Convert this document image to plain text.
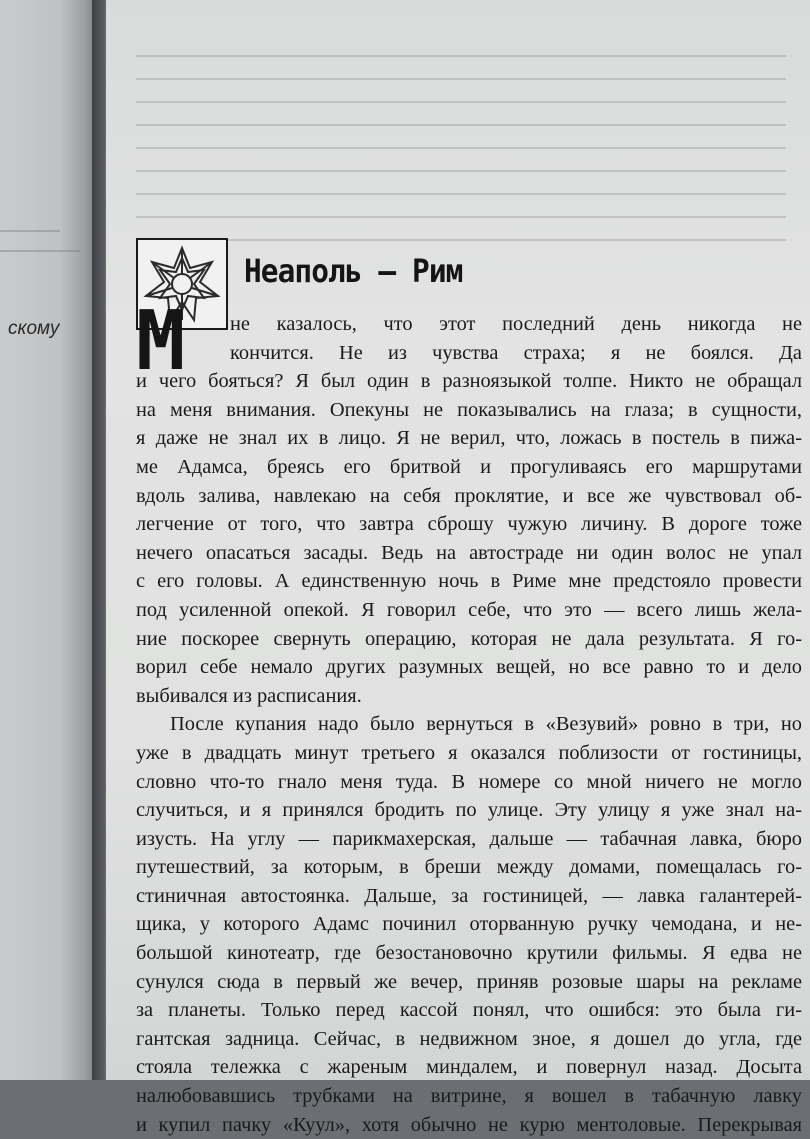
скому
Неаполь — Рим
М	не казалось, что этот последний день никогда не
кончится. Не из чувства страха; я не боялся. Да
и чего бояться? Я был один в разноязыкой толпе. Никто не обращал
на меня внимания. Опекуны не показывались на глаза; в сущности,
я даже не знал их в лицо. Я не верил, что, ложась в постель в пижа-
ме Адамса, бреясь его бритвой и прогуливаясь его маршрутами
вдоль залива, навлекаю на себя проклятие, и все же чувствовал об-
легчение от того, что завтра сброшу чужую личину. В дороге тоже
нечего опасаться засады. Ведь на автостраде ни один волос не упал
с его головы. А единственную ночь в Риме мне предстояло провести
под усиленной опекой. Я говорил себе, что это — всего лишь жела-
ние поскорее свернуть операцию, которая не дала результата. Я го-
ворил себе немало других разумных вещей, но все равно то и дело
выбивался из расписания.
После купания надо было вернуться в «Везувий» ровно в три, но
уже в двадцать минут третьего я оказался поблизости от гостиницы,
словно что-то гнало меня туда. В номере со мной ничего не могло
случиться, и я принялся бродить по улице. Эту улицу я уже знал на-
изусть. На углу — парикмахерская, дальше — табачная лавка, бюро
путешествий, за которым, в бреши между домами, помещалась го-
стиничная автостоянка. Дальше, за гостиницей, — лавка галантерей-
щика, у которого Адамс починил оторванную ручку чемодана, и не-
большой кинотеатр, где безостановочно крутили фильмы. Я едва не
сунулся сюда в первый же вечер, приняв розовые шары на рекламе
за планеты. Только перед кассой понял, что ошибся: это была ги-
гантская задница. Сейчас, в недвижном зное, я дошел до угла, где
стояла тележка с жареным миндалем, и повернул назад. Досыта
налюбовавшись трубками на витрине, я вошел в табачную лавку
и купил пачку «Куул», хотя обычно не курю ментоловые. Перекрывая
